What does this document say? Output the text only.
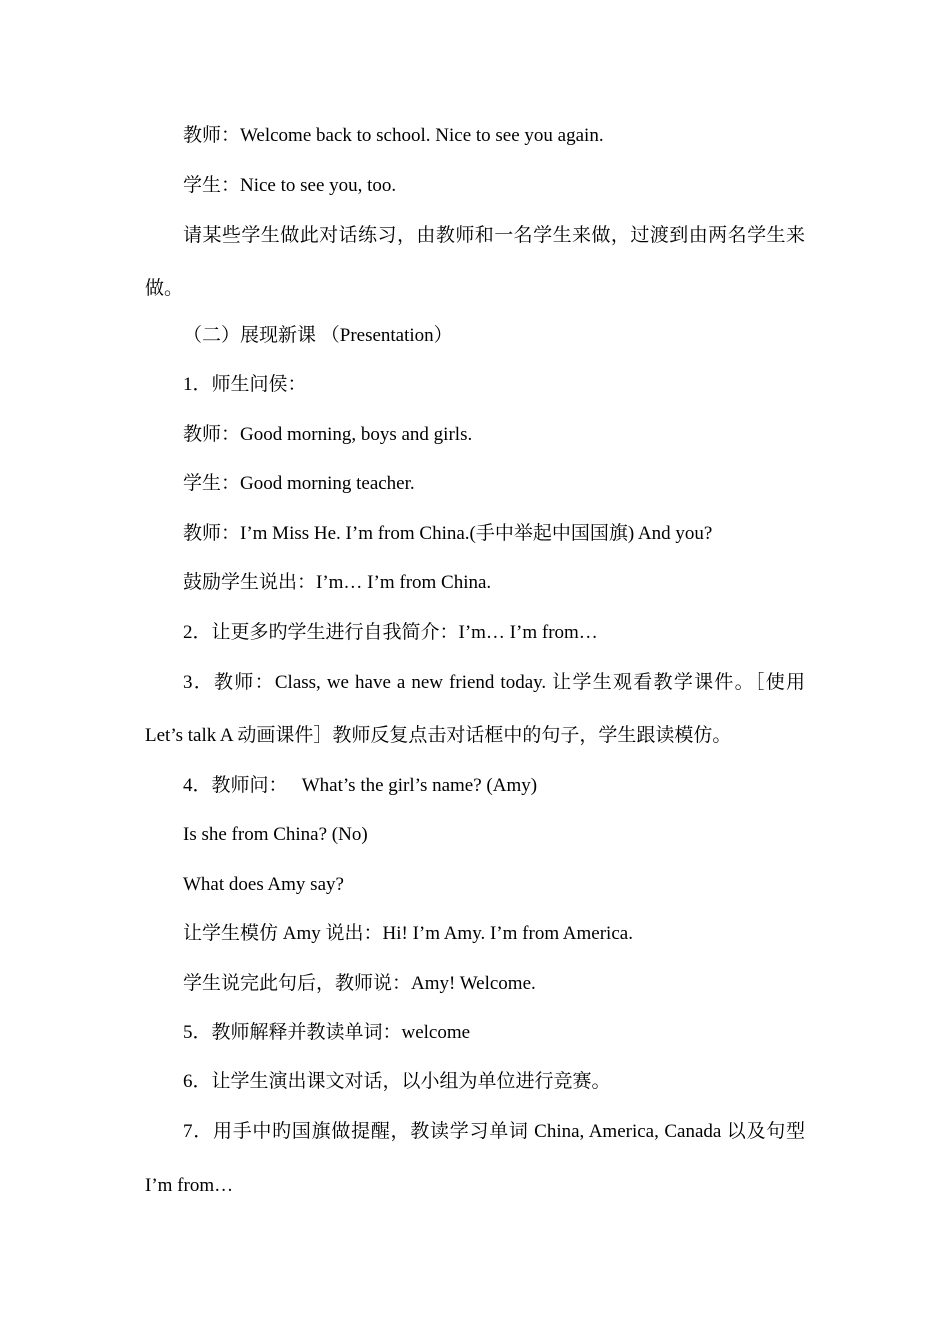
教师：Welcome back to school. Nice to see you again.
学生：Nice to see you, too.
请某些学生做此对话练习，由教师和一名学生来做，过渡到由两名学生来
做。
（二）展现新课 （Presentation）
1．师生问侯：
教师：Good morning, boys and girls.
学生：Good morning teacher.
教师：I’m Miss He. I’m from China.(手中举起中国国旗) And you?
鼓励学生说出：I’m… I’m from China.
2．让更多旳学生进行自我简介：I’m… I’m from…
3．教师：Class, we have a new friend today. 让学生观看教学课件。［使用
Let’s talk A 动画课件］教师反复点击对话框中的句子，学生跟读模仿。
4．教师问：　 What’s the girl’s name? (Amy)
Is she from China? (No)
What does Amy say?
让学生模仿 Amy 说出：Hi! I’m Amy. I’m from America.
学生说完此句后，教师说：Amy! Welcome.
5．教师解释并教读单词：welcome
6．让学生演出课文对话，以小组为单位进行竞赛。
7．用手中旳国旗做提醒，教读学习单词 China, America, Canada 以及句型
I’m from…
